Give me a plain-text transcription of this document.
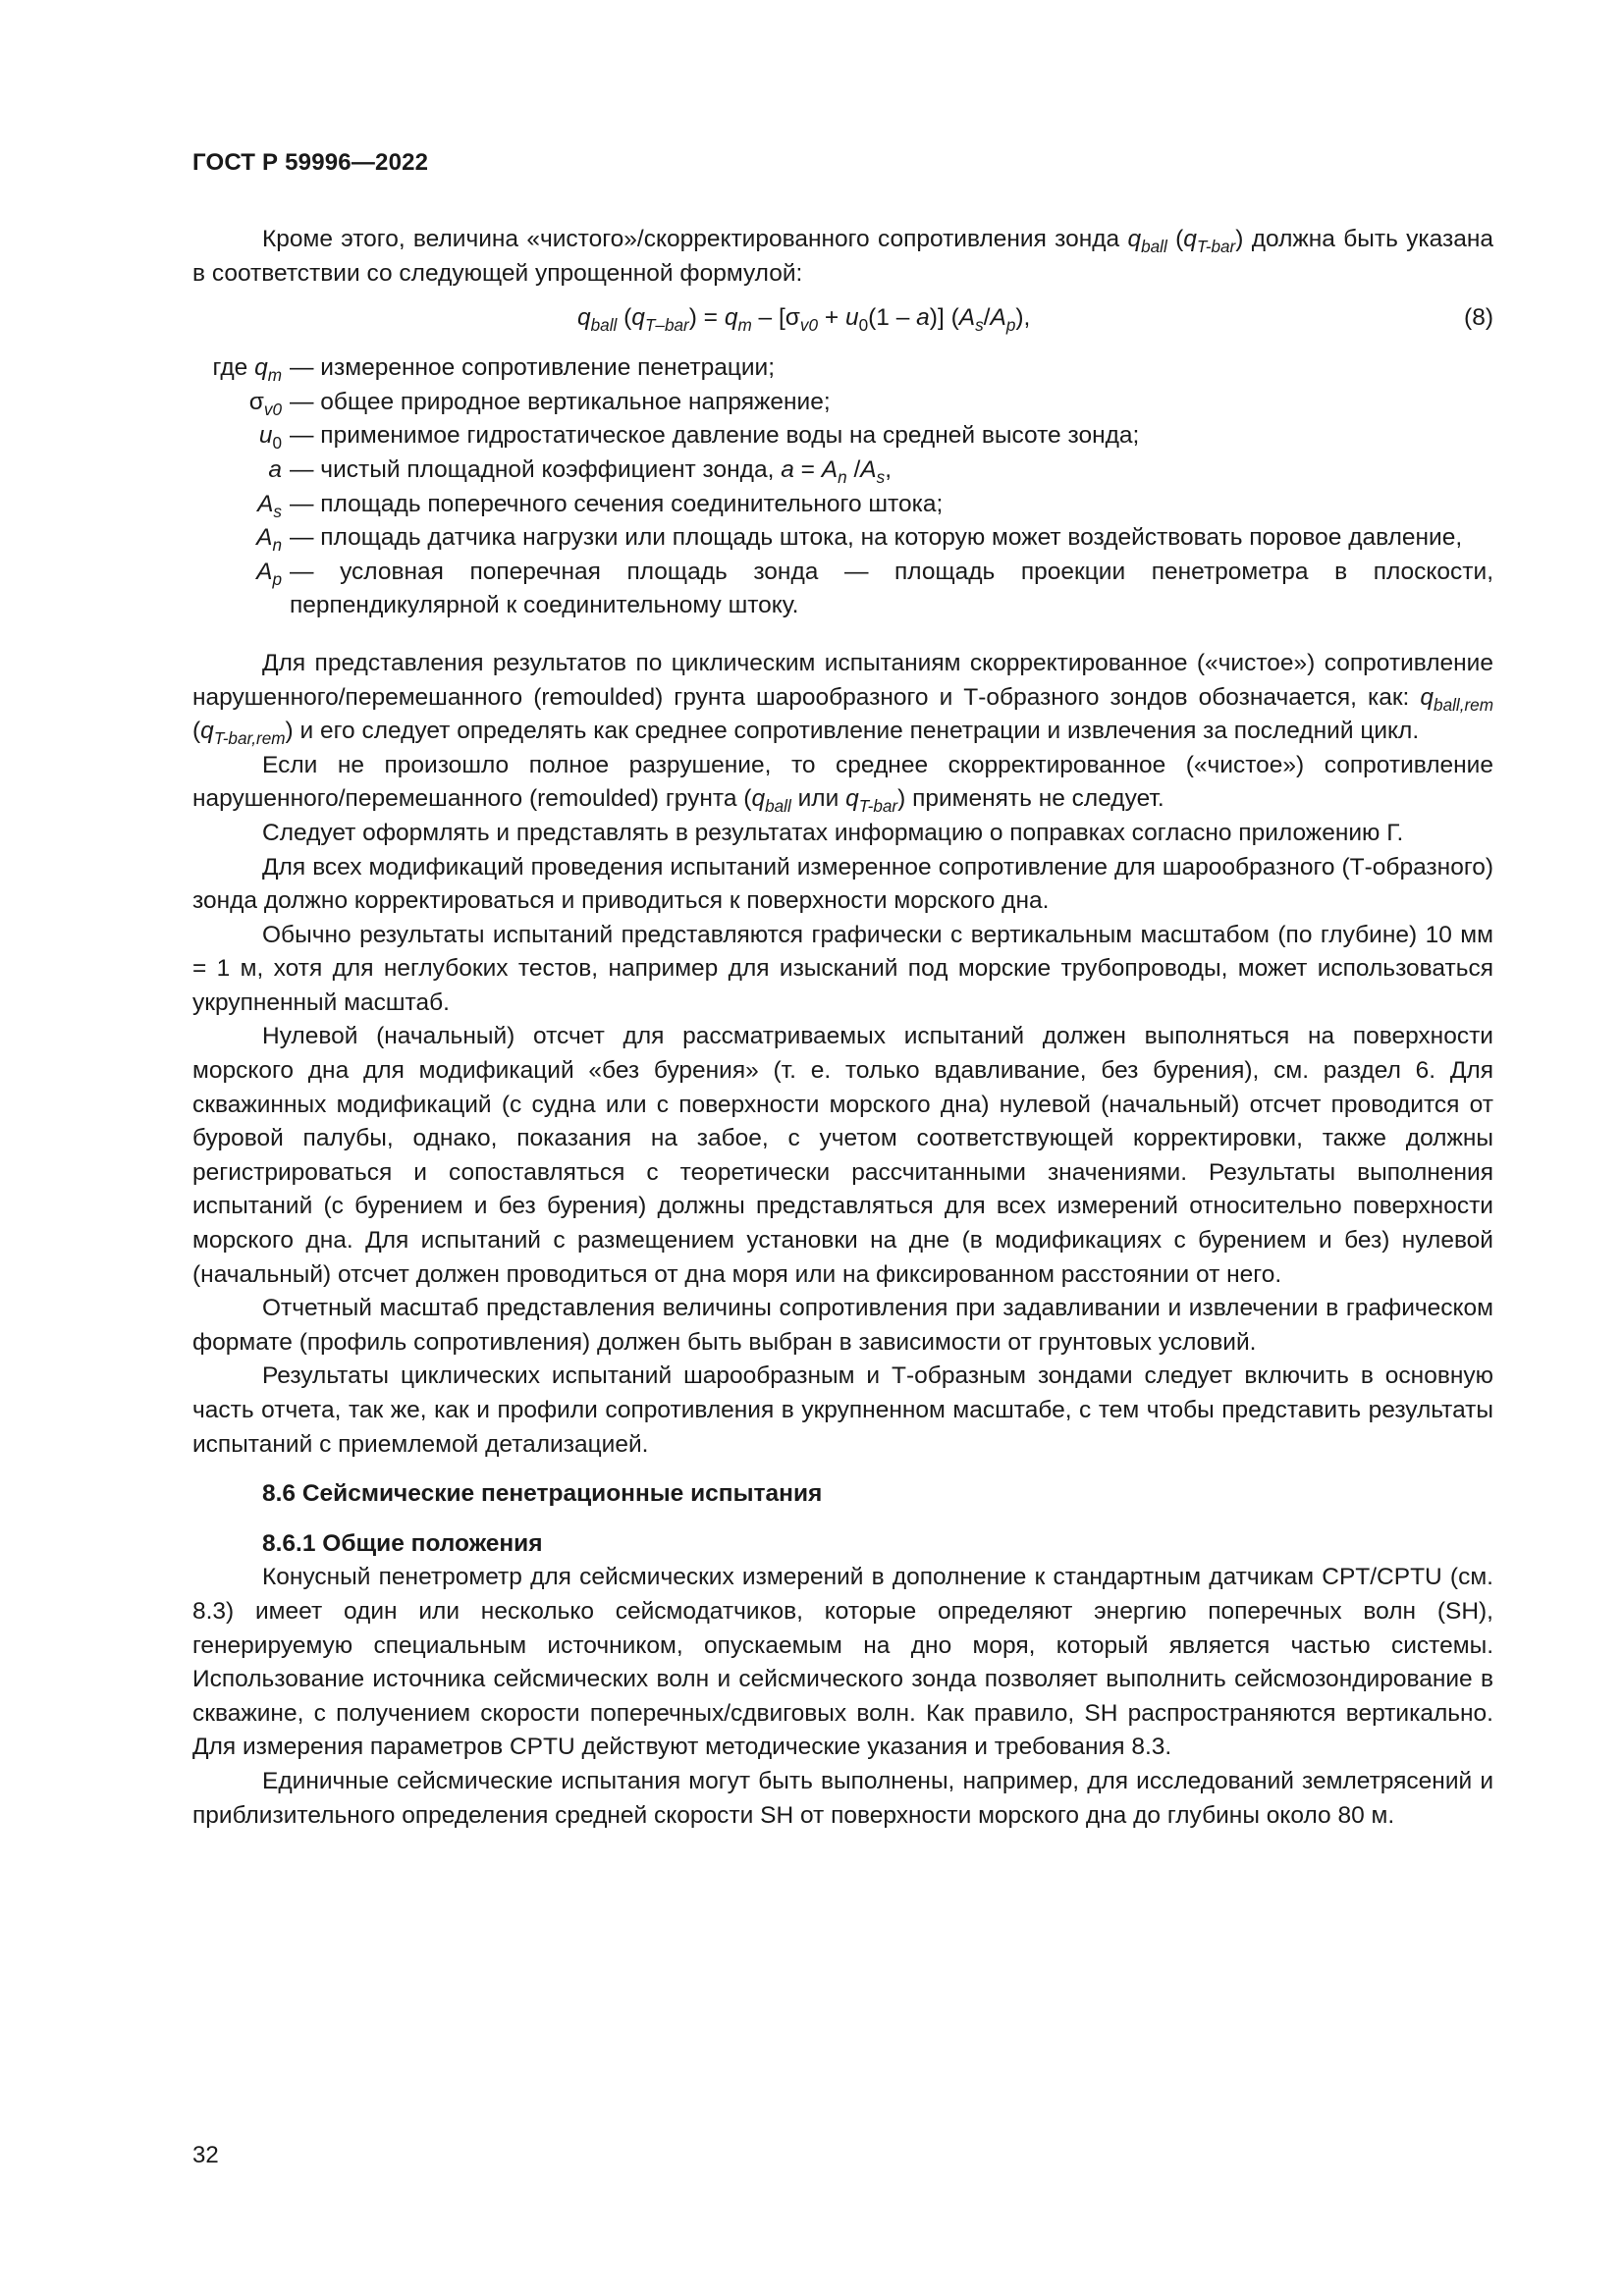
ГОСТ Р 59996—2022

Кроме этого, величина «чистого»/скорректированного сопротивления зонда $q_{ball}$ $(q_{T-bar})$ должна быть указана в соответствии со следующей упрощенной формулой:

$q_{ball}$ $(q_{T-bar}) = q_m - [\sigma_{v0} + u_0(1 - a)]$ $(A_s/A_p)$,	(8)
где $q_m$ — измеренное сопротивление пенетрации;
$\sigma_{v0}$ — общее природное вертикальное напряжение;
$u_0$ — применимое гидростатическое давление воды на средней высоте зонда;
a — чистый площадной коэффициент зонда, $a = A_n$ $/A_s$,
$A_s$ — площадь поперечного сечения соединительного штока;
$A_n$ — площадь датчика нагрузки или площадь штока, на которую может воздействовать поровое давление,
$A_p$ — условная поперечная площадь зонда — площадь проекции пенетрометра в плоскости, перпендикулярной к соединительному штоку.

Для представления результатов по циклическим испытаниям скорректированное («чистое») сопротивление нарушенного/перемешанного (remoulded) грунта шарообразного и Т-образного зондов обозначается, как: $q_{ball,rem}$ $(q_{T-bar,rem})$ и его следует определять как среднее сопротивление пенетрации и извлечения за последний цикл.

Если не произошло полное разрушение, то среднее скорректированное («чистое») сопротивление нарушенного/перемешанного (remoulded) грунта ($q_{ball}$ или $q_{T-bar}$) применять не следует.

Следует оформлять и представлять в результатах информацию о поправках согласно приложению Г.

Для всех модификаций проведения испытаний измеренное сопротивление для шарообразного (Т-образного) зонда должно корректироваться и приводиться к поверхности морского дна.

Обычно результаты испытаний представляются графически с вертикальным масштабом (по глубине) 10 мм = 1 м, хотя для неглубоких тестов, например для изысканий под морские трубопроводы, может использоваться укрупненный масштаб.

Нулевой (начальный) отсчет для рассматриваемых испытаний должен выполняться на поверхности морского дна для модификаций «без бурения» (т. е. только вдавливание, без бурения), см. раздел 6. Для скважинных модификаций (с судна или с поверхности морского дна) нулевой (начальный) отсчет проводится от буровой палубы, однако, показания на забое, с учетом соответствующей корректировки, также должны регистрироваться и сопоставляться с теоретически рассчитанными значениями. Результаты выполнения испытаний (с бурением и без бурения) должны представляться для всех измерений относительно поверхности морского дна. Для испытаний с размещением установки на дне (в модификациях с бурением и без) нулевой (начальный) отсчет должен проводиться от дна моря или на фиксированном расстоянии от него.

Отчетный масштаб представления величины сопротивления при задавливании и извлечении в графическом формате (профиль сопротивления) должен быть выбран в зависимости от грунтовых условий.

Результаты циклических испытаний шарообразным и Т-образным зондами следует включить в основную часть отчета, так же, как и профили сопротивления в укрупненном масштабе, с тем чтобы представить результаты испытаний с приемлемой детализацией.

8.6 Сейсмические пенетрационные испытания

8.6.1 Общие положения

Конусный пенетрометр для сейсмических измерений в дополнение к стандартным датчикам CPT/CPTU (см. 8.3) имеет один или несколько сейсмодатчиков, которые определяют энергию поперечных волн (SH), генерируемую специальным источником, опускаемым на дно моря, который является частью системы. Использование источника сейсмических волн и сейсмического зонда позволяет выполнить сейсмозондирование в скважине, с получением скорости поперечных/сдвиговых волн. Как правило, SH распространяются вертикально. Для измерения параметров CPTU действуют методические указания и требования 8.3.

Единичные сейсмические испытания могут быть выполнены, например, для исследований землетрясений и приблизительного определения средней скорости SH от поверхности морского дна до глубины около 80 м.

32
